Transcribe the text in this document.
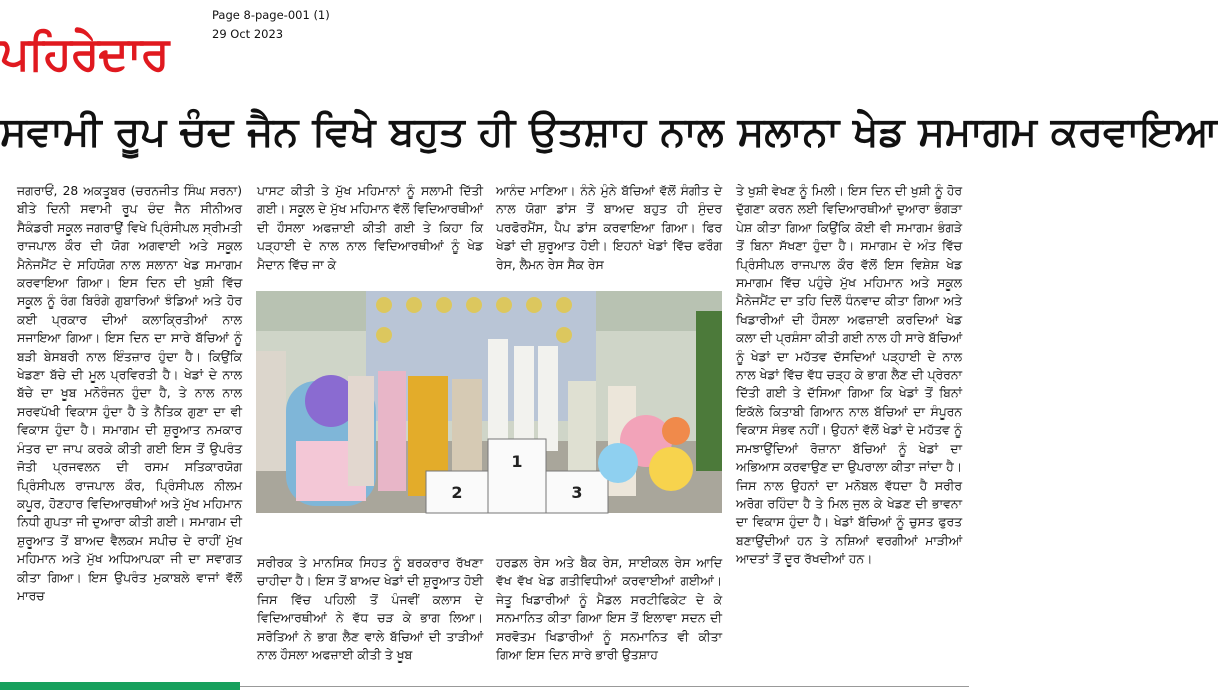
ਪਹਿਰੇਦਾਰ
Page 8-page-001 (1)
29 Oct 2023
ਸਵਾਮੀ ਰੂਪ ਚੰਦ ਜੈਨ ਵਿਖੇ ਬਹੁਤ ਹੀ ਉਤਸ਼ਾਹ ਨਾਲ ਸਲਾਨਾ ਖੇਡ ਸਮਾਗਮ ਕਰਵਾਇਆ

ਜਗਰਾਓਂ, 28 ਅਕਤੂਬਰ (ਚਰਨਜੀਤ ਸਿੰਘ ਸਰਨਾ) ਬੀਤੇ ਦਿਨੀ ਸਵਾਮੀ ਰੂਪ ਚੰਦ ਜੈਨ ਸੀਨੀਅਰ ਸੈਕੰਡਰੀ ਸਕੂਲ ਜਗਰਾਉਂ ਵਿਖੇ ਪ੍ਰਿੰਸੀਪਲ ਸ੍ਰੀਮਤੀ ਰਾਜਪਾਲ ਕੌਰ ਦੀ ਯੋਗ ਅਗਵਾਈ ਅਤੇ ਸਕੂਲ ਮੈਨੇਜਮੈਂਟ ਦੇ ਸਹਿਯੋਗ ਨਾਲ ਸਲਾਨਾ ਖੇਡ ਸਮਾਗਮ ਕਰਵਾਇਆ ਗਿਆ। ਇਸ ਦਿਨ ਦੀ ਖੁਸ਼ੀ ਵਿੱਚ ਸਕੂਲ ਨੂੰ ਰੰਗ ਬਿਰੰਗੇ ਗੁਬਾਰਿਆਂ ਝੰਡਿਆਂ ਅਤੇ ਹੋਰ ਕਈ ਪ੍ਰਕਾਰ ਦੀਆਂ ਕਲਾਕ੍ਰਿਤੀਆਂ ਨਾਲ ਸਜਾਇਆ ਗਿਆ। ਇਸ ਦਿਨ ਦਾ ਸਾਰੇ ਬੱਚਿਆਂ ਨੂੰ ਬੜੀ ਬੇਸਬਰੀ ਨਾਲ ਇੰਤਜ਼ਾਰ ਹੁੰਦਾ ਹੈ। ਕਿਉਂਕਿ ਖੇਡਣਾ ਬੱਚੇ ਦੀ ਮੂਲ ਪ੍ਰਵਿਰਤੀ ਹੈ। ਖੇਡਾਂ ਦੇ ਨਾਲ ਬੱਚੇ ਦਾ ਖੂਬ ਮਨੋਰੰਜਨ ਹੁੰਦਾ ਹੈ, ਤੇ ਨਾਲ ਨਾਲ ਸਰਵਪੱਖੀ ਵਿਕਾਸ ਹੁੰਦਾ ਹੈ ਤੇ ਨੈਤਿਕ ਗੁਣਾ ਦਾ ਵੀ ਵਿਕਾਸ ਹੁੰਦਾ ਹੈ। ਸਮਾਗਮ ਦੀ ਸ਼ੁਰੂਆਤ ਨਮਕਾਰ ਮੰਤਰ ਦਾ ਜਾਪ ਕਰਕੇ ਕੀਤੀ ਗਈ ਇਸ ਤੋਂ ਉਪਰੰਤ ਜੋਤੀ ਪ੍ਰਜਵਲਨ ਦੀ ਰਸਮ ਸਤਿਕਾਰਯੋਗ ਪ੍ਰਿੰਸੀਪਲ ਰਾਜਪਾਲ ਕੌਰ, ਪ੍ਰਿੰਸੀਪਲ ਨੀਲਮ ਕਪੂਰ, ਹੋਣਹਾਰ ਵਿਦਿਆਰਥੀਆਂ ਅਤੇ ਮੁੱਖ ਮਹਿਮਾਨ ਨਿਧੀ ਗੁਪਤਾ ਜੀ ਦੁਆਰਾ ਕੀਤੀ ਗਈ। ਸਮਾਗਮ ਦੀ ਸ਼ੁਰੂਆਤ ਤੋਂ ਬਾਅਦ ਵੈਲਕਮ ਸਪੀਚ ਦੇ ਰਾਹੀਂ ਮੁੱਖ ਮਹਿਮਾਨ ਅਤੇ ਮੁੱਖ ਅਧਿਆਪਕਾ ਜੀ ਦਾ ਸਵਾਗਤ ਕੀਤਾ ਗਿਆ। ਇਸ ਉਪਰੰਤ ਮੁਕਾਬਲੇ ਵਾਜਾਂ ਵੱਲੋਂ ਮਾਰਚ

ਪਾਸਟ ਕੀਤੀ ਤੇ ਮੁੱਖ ਮਹਿਮਾਨਾਂ ਨੂੰ ਸਲਾਮੀ ਦਿੱਤੀ ਗਈ। ਸਕੂਲ ਦੇ ਮੁੱਖ ਮਹਿਮਾਨ ਵੱਲੋਂ ਵਿਦਿਆਰਥੀਆਂ ਦੀ ਹੌਸਲਾ ਅਫਜ਼ਾਈ ਕੀਤੀ ਗਈ ਤੇ ਕਿਹਾ ਕਿ ਪੜ੍ਹਾਈ ਦੇ ਨਾਲ ਨਾਲ ਵਿਦਿਆਰਥੀਆਂ ਨੂੰ ਖੇਡ ਮੈਦਾਨ ਵਿੱਚ ਜਾ ਕੇ

ਆਨੰਦ ਮਾਣਿਆ। ਨੰਨੇ ਮੁੰਨੇ ਬੱਚਿਆਂ ਵੱਲੋਂ ਸੰਗੀਤ ਦੇ ਨਾਲ ਯੋਗਾ ਡਾਂਸ ਤੋਂ ਬਾਅਦ ਬਹੁਤ ਹੀ ਸੁੰਦਰ ਪਰਫੋਰਮੈਂਸ, ਪੈਪ ਡਾਂਸ ਕਰਵਾਇਆ ਗਿਆ। ਫਿਰ ਖੇਡਾਂ ਦੀ ਸ਼ੁਰੂਆਤ ਹੋਈ। ਇਹਨਾਂ ਖੇਡਾਂ ਵਿੱਚ ਫਰੌਗ ਰੇਸ, ਲੈਮਨ ਰੇਸ ਸੈਕ ਰੇਸ

2
1
3

ਸਰੀਰਕ ਤੇ ਮਾਨਸਿਕ ਸਿਹਤ ਨੂੰ ਬਰਕਰਾਰ ਰੱਖਣਾ ਚਾਹੀਦਾ ਹੈ। ਇਸ ਤੋਂ ਬਾਅਦ ਖੇਡਾਂ ਦੀ ਸ਼ੁਰੂਆਤ ਹੋਈ ਜਿਸ ਵਿੱਚ ਪਹਿਲੀ ਤੋਂ ਪੰਜਵੀਂ ਕਲਾਸ ਦੇ ਵਿਦਿਆਰਥੀਆਂ ਨੇ ਵੱਧ ਚੜ ਕੇ ਭਾਗ ਲਿਆ। ਸਰੋਤਿਆਂ ਨੇ ਭਾਗ ਲੈਣ ਵਾਲੇ ਬੱਚਿਆਂ ਦੀ ਤਾੜੀਆਂ ਨਾਲ ਹੌਸਲਾ ਅਫਜ਼ਾਈ ਕੀਤੀ ਤੇ ਖੂਬ

ਹਰਡਲ ਰੇਸ ਅਤੇ ਬੈਕ ਰੇਸ, ਸਾਈਕਲ ਰੇਸ ਆਦਿ ਵੱਖ ਵੱਖ ਖੇਡ ਗਤੀਵਿਧੀਆਂ ਕਰਵਾਈਆਂ ਗਈਆਂ। ਜੇਤੂ ਖਿਡਾਰੀਆਂ ਨੂੰ ਮੈਡਲ ਸਰਟੀਫਿਕੇਟ ਦੇ ਕੇ ਸਨਮਾਨਿਤ ਕੀਤਾ ਗਿਆ ਇਸ ਤੋਂ ਇਲਾਵਾ ਸਦਨ ਦੀ ਸਰਵੋਤਮ ਖਿਡਾਰੀਆਂ ਨੂੰ ਸਨਮਾਨਿਤ ਵੀ ਕੀਤਾ ਗਿਆ ਇਸ ਦਿਨ ਸਾਰੇ ਭਾਰੀ ਉਤਸ਼ਾਹ

ਤੇ ਖੁਸ਼ੀ ਵੇਖਣ ਨੂੰ ਮਿਲੀ। ਇਸ ਦਿਨ ਦੀ ਖੁਸ਼ੀ ਨੂੰ ਹੋਰ ਦੁੱਗਣਾ ਕਰਨ ਲਈ ਵਿਦਿਆਰਥੀਆਂ ਦੁਆਰਾ ਭੰਗੜਾ ਪੇਸ਼ ਕੀਤਾ ਗਿਆ ਕਿਉਂਕਿ ਕੋਈ ਵੀ ਸਮਾਗਮ ਭੰਗੜੇ ਤੋਂ ਬਿਨਾ ਸੱਖਣਾ ਹੁੰਦਾ ਹੈ। ਸਮਾਗਮ ਦੇ ਅੰਤ ਵਿੱਚ ਪ੍ਰਿੰਸੀਪਲ ਰਾਜਪਾਲ ਕੌਰ ਵੱਲੋਂ ਇਸ ਵਿਸ਼ੇਸ਼ ਖੇਡ ਸਮਾਗਮ ਵਿੱਚ ਪਹੁੰਚੇ ਮੁੱਖ ਮਹਿਮਾਨ ਅਤੇ ਸਕੂਲ ਮੈਨੇਜਮੈਂਟ ਦਾ ਤਹਿ ਦਿਲੋਂ ਧੰਨਵਾਦ ਕੀਤਾ ਗਿਆ ਅਤੇ ਖਿਡਾਰੀਆਂ ਦੀ ਹੌਸਲਾ ਅਫਜ਼ਾਈ ਕਰਦਿਆਂ ਖੇਡ ਕਲਾ ਦੀ ਪ੍ਰਸ਼ੰਸਾ ਕੀਤੀ ਗਈ ਨਾਲ ਹੀ ਸਾਰੇ ਬੱਚਿਆਂ ਨੂੰ ਖੇਡਾਂ ਦਾ ਮਹੱਤਵ ਦੱਸਦਿਆਂ ਪੜ੍ਹਾਈ ਦੇ ਨਾਲ ਨਾਲ ਖੇਡਾਂ ਵਿੱਚ ਵੱਧ ਚੜ੍ਹ ਕੇ ਭਾਗ ਲੈਣ ਦੀ ਪ੍ਰੇਰਨਾ ਦਿੱਤੀ ਗਈ ਤੇ ਦੱਸਿਆ ਗਿਆ ਕਿ ਖੇਡਾਂ ਤੋਂ ਬਿਨਾਂ ਇਕੱਲੇ ਕਿਤਾਬੀ ਗਿਆਨ ਨਾਲ ਬੱਚਿਆਂ ਦਾ ਸੰਪੂਰਨ ਵਿਕਾਸ ਸੰਭਵ ਨਹੀਂ। ਉਹਨਾਂ ਵੱਲੋਂ ਖੇਡਾਂ ਦੇ ਮਹੱਤਵ ਨੂੰ ਸਮਝਾਉਂਦਿਆਂ ਰੋਜ਼ਾਨਾ ਬੱਚਿਆਂ ਨੂੰ ਖੇਡਾਂ ਦਾ ਅਭਿਆਸ ਕਰਵਾਉਣ ਦਾ ਉਪਰਾਲਾ ਕੀਤਾ ਜਾਂਦਾ ਹੈ। ਜਿਸ ਨਾਲ ਉਹਨਾਂ ਦਾ ਮਨੋਬਲ ਵੱਧਦਾ ਹੈ ਸਰੀਰ ਅਰੋਗ ਰਹਿੰਦਾ ਹੈ ਤੇ ਮਿਲ ਜੁਲ ਕੇ ਖੇਡਣ ਦੀ ਭਾਵਨਾ ਦਾ ਵਿਕਾਸ ਹੁੰਦਾ ਹੈ। ਖੇਡਾਂ ਬੱਚਿਆਂ ਨੂੰ ਚੁਸਤ ਫੁਰਤ ਬਣਾਉਂਦੀਆਂ ਹਨ ਤੇ ਨਸ਼ਿਆਂ ਵਰਗੀਆਂ ਮਾੜੀਆਂ ਆਦਤਾਂ ਤੋਂ ਦੂਰ ਰੱਖਦੀਆਂ ਹਨ।
